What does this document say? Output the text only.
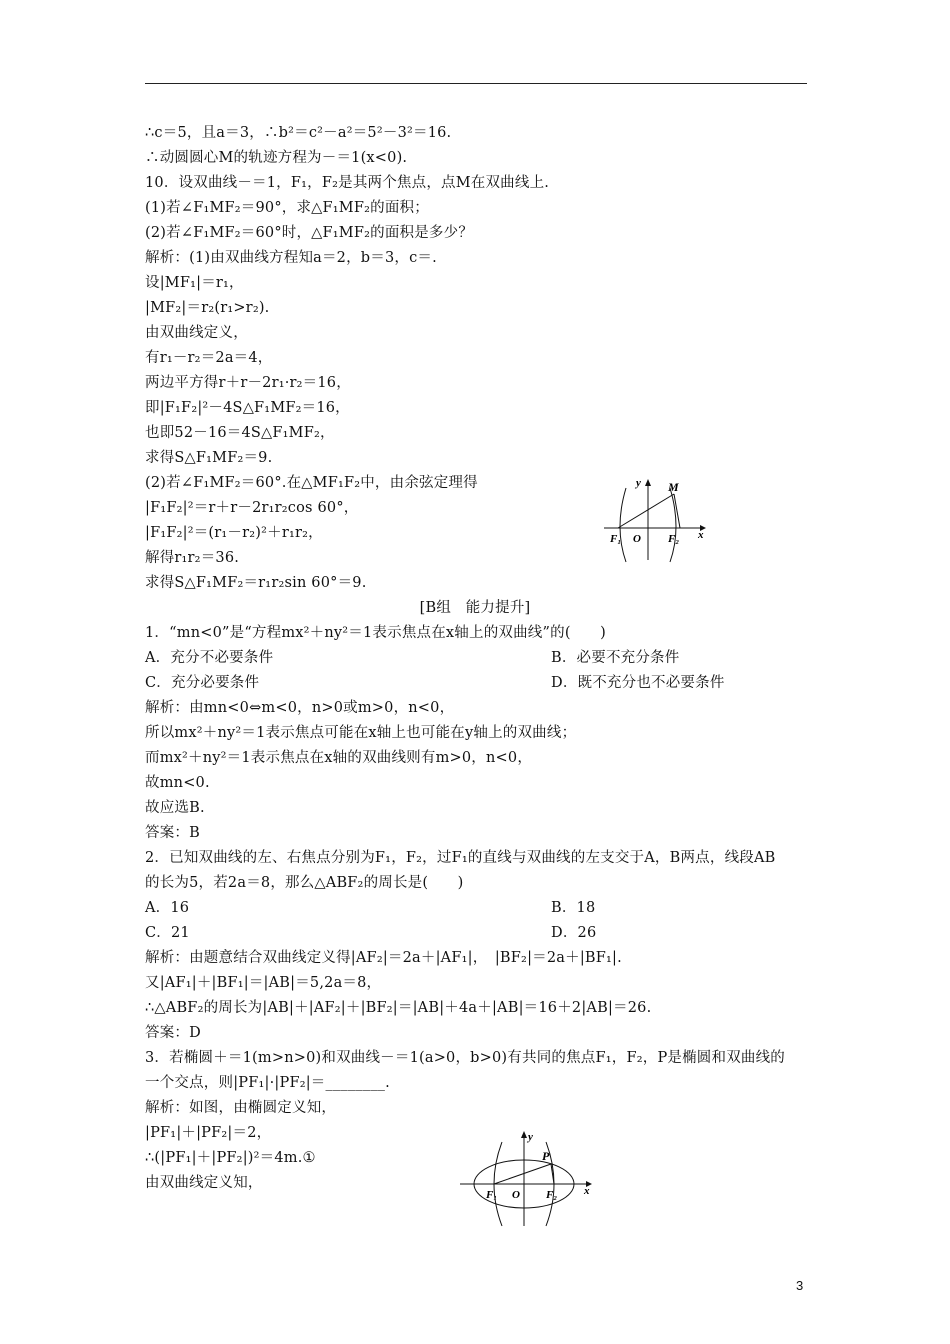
∴c＝5，且a＝3，∴b²＝c²－a²＝5²－3²＝16.
∴动圆圆心M的轨迹方程为－＝1(x<0).
10．设双曲线－＝1，F₁，F₂是其两个焦点，点M在双曲线上.
(1)若∠F₁MF₂＝90°，求△F₁MF₂的面积；
(2)若∠F₁MF₂＝60°时，△F₁MF₂的面积是多少？
解析：(1)由双曲线方程知a＝2，b＝3，c＝.
设|MF₁|＝r₁，
|MF₂|＝r₂(r₁>r₂).
由双曲线定义，
有r₁－r₂＝2a＝4，
两边平方得r＋r－2r₁·r₂＝16，
即|F₁F₂|²－4S△F₁MF₂＝16，
也即52－16＝4S△F₁MF₂，
求得S△F₁MF₂＝9.
(2)若∠F₁MF₂＝60°.在△MF₁F₂中，由余弦定理得
|F₁F₂|²＝r＋r－2r₁r₂cos 60°，
|F₁F₂|²＝(r₁－r₂)²＋r₁r₂，
解得r₁r₂＝36.
求得S△F₁MF₂＝r₁r₂sin 60°＝9.
y M
F₁ O F₂ x
[B组　能力提升]
1．“mn<0”是“方程mx²＋ny²＝1表示焦点在x轴上的双曲线”的(　　)
A．充分不必要条件	B．必要不充分条件
C．充分必要条件	D．既不充分也不必要条件
解析：由mn<0⇔m<0，n>0或m>0，n<0，
所以mx²＋ny²＝1表示焦点可能在x轴上也可能在y轴上的双曲线；
而mx²＋ny²＝1表示焦点在x轴的双曲线则有m>0，n<0，
故mn<0.
故应选B.
答案：B
2．已知双曲线的左、右焦点分别为F₁，F₂，过F₁的直线与双曲线的左支交于A，B两点，线段AB
的长为5，若2a＝8，那么△ABF₂的周长是(　　)
A．16	B．18
C．21	D．26
解析：由题意结合双曲线定义得|AF₂|＝2a＋|AF₁|，　|BF₂|＝2a＋|BF₁|.
又|AF₁|＋|BF₁|＝|AB|＝5,2a＝8，
∴△ABF₂的周长为|AB|＋|AF₂|＋|BF₂|＝|AB|＋4a＋|AB|＝16＋2|AB|＝26.
答案：D
3．若椭圆＋＝1(m>n>0)和双曲线－＝1(a>0，b>0)有共同的焦点F₁，F₂，P是椭圆和双曲线的
一个交点，则|PF₁|·|PF₂|＝________.
解析：如图，由椭圆定义知，
|PF₁|＋|PF₂|＝2，
∴(|PF₁|＋|PF₂|)²＝4m.①
由双曲线定义知，
y
P
F₁ O F₂ x
3
